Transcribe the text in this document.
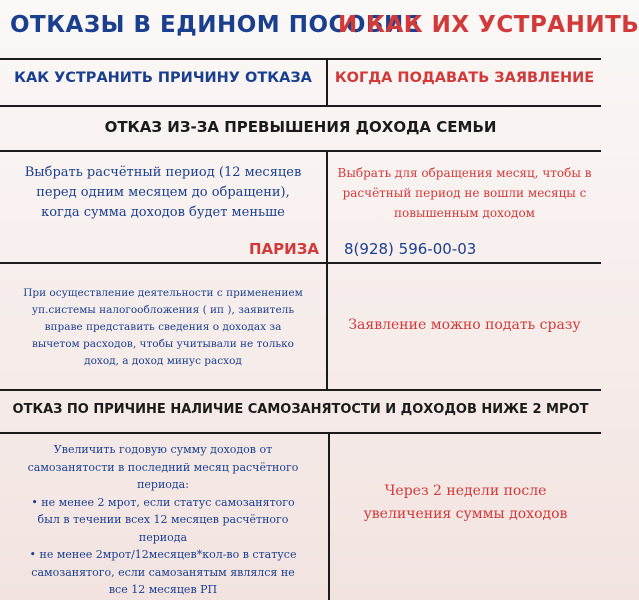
ОТКАЗЫ В ЕДИНОМ ПОСОБИЕ
И КАК ИХ УСТРАНИТЬ
КАК УСТРАНИТЬ ПРИЧИНУ ОТКАЗА	КОГДА ПОДАВАТЬ ЗАЯВЛЕНИЕ
ОТКАЗ ИЗ-ЗА ПРЕВЫШЕНИЯ ДОХОДА СЕМЬИ
Выбрать расчётный период (12 месяцев
перед одним месяцем до обращени),
когда сумма доходов будет меньше
Выбрать для обращения месяц, чтобы в
расчётный период не вошли месяцы с
повышенным доходом
ПАРИЗА 8(928) 596-00-03
При осуществление деятельности с применением
уп.системы налогообложения ( ип ), заявитель
вправе представить сведения о доходах за
вычетом расходов, чтобы учитывали не только
доход, а доход минус расход
Заявление можно подать сразу
ОТКАЗ ПО ПРИЧИНЕ НАЛИЧИЕ САМОЗАНЯТОСТИ И ДОХОДОВ НИЖЕ 2 МРОТ
Увеличить годовую сумму доходов от
самозанятости в последний месяц расчётного
периода:
• не менее 2 мрот, если статус самозанятого
был в течении всех 12 месяцев расчётного
периода
• не менее 2мрот/12месяцев*кол-во в статусе
самозанятого, если самозанятым являлся не
все 12 месяцев РП
Через 2 недели после
увеличения суммы доходов
